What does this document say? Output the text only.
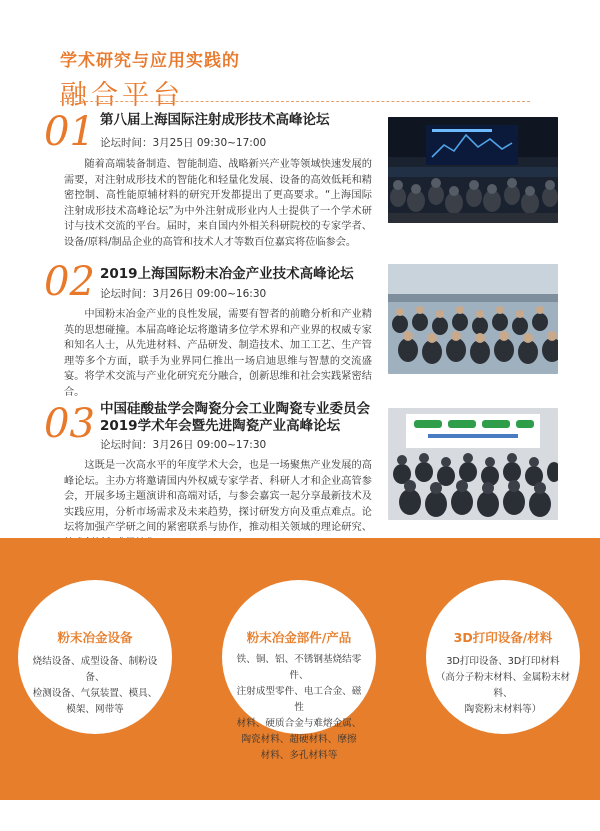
学术研究与应用实践的
融合平台
01 第八届上海国际注射成形技术高峰论坛
论坛时间：3月25日 09:30~17:00
随着高端装备制造、智能制造、战略新兴产业等领域快速发展的需要，对注射成形技术的智能化和轻量化发展、设备的高效低耗和精密控制、高性能原辅材料的研究开发都提出了更高要求。“上海国际注射成形技术高峰论坛”为中外注射成形业内人士提供了一个学术研讨与技术交流的平台。届时，来自国内外相关科研院校的专家学者、设备/原料/制品企业的高管和技术人才等数百位嘉宾将莅临参会。
02 2019上海国际粉末冶金产业技术高峰论坛
论坛时间：3月26日 09:00~16:30
中国粉末冶金产业的良性发展，需要有智者的前瞻分析和产业精英的思想碰撞。本届高峰论坛将邀请多位学术界和产业界的权威专家和知名人士，从先进材料、产品研发、制造技术、加工工艺、生产管理等多个方面，联手为业界同仁推出一场启迪思维与智慧的交流盛宴。将学术交流与产业化研究充分融合，创新思维和社会实践紧密结合。
03 中国硅酸盐学会陶瓷分会工业陶瓷专业委员会
2019学术年会暨先进陶瓷产业高峰论坛
论坛时间：3月26日 09:00~17:30
这既是一次高水平的年度学术大会，也是一场聚焦产业发展的高峰论坛。主办方将邀请国内外权威专家学者、科研人才和企业高管参会，开展多场主题演讲和高端对话，与参会嘉宾一起分享最新技术及实践应用，分析市场需求及未来趋势，探讨研发方向及重点难点。论坛将加强产学研之间的紧密联系与协作，推动相关领域的理论研究、
粉末冶金设备
烧结设备、成型设备、制粉设备、
检测设备、气氛装置、模具、
模架、网带等
粉末冶金部件/产品
铁、铜、铝、不锈钢基烧结零件、
注射成型零件、电工合金、磁性
材料、硬质合金与难熔金属、
陶瓷材料、超硬材料、摩擦
材料、多孔材料等
3D打印设备/材料
3D打印设备、3D打印材料
（高分子粉末材料、金属粉末材料、
陶瓷粉末材料等）
